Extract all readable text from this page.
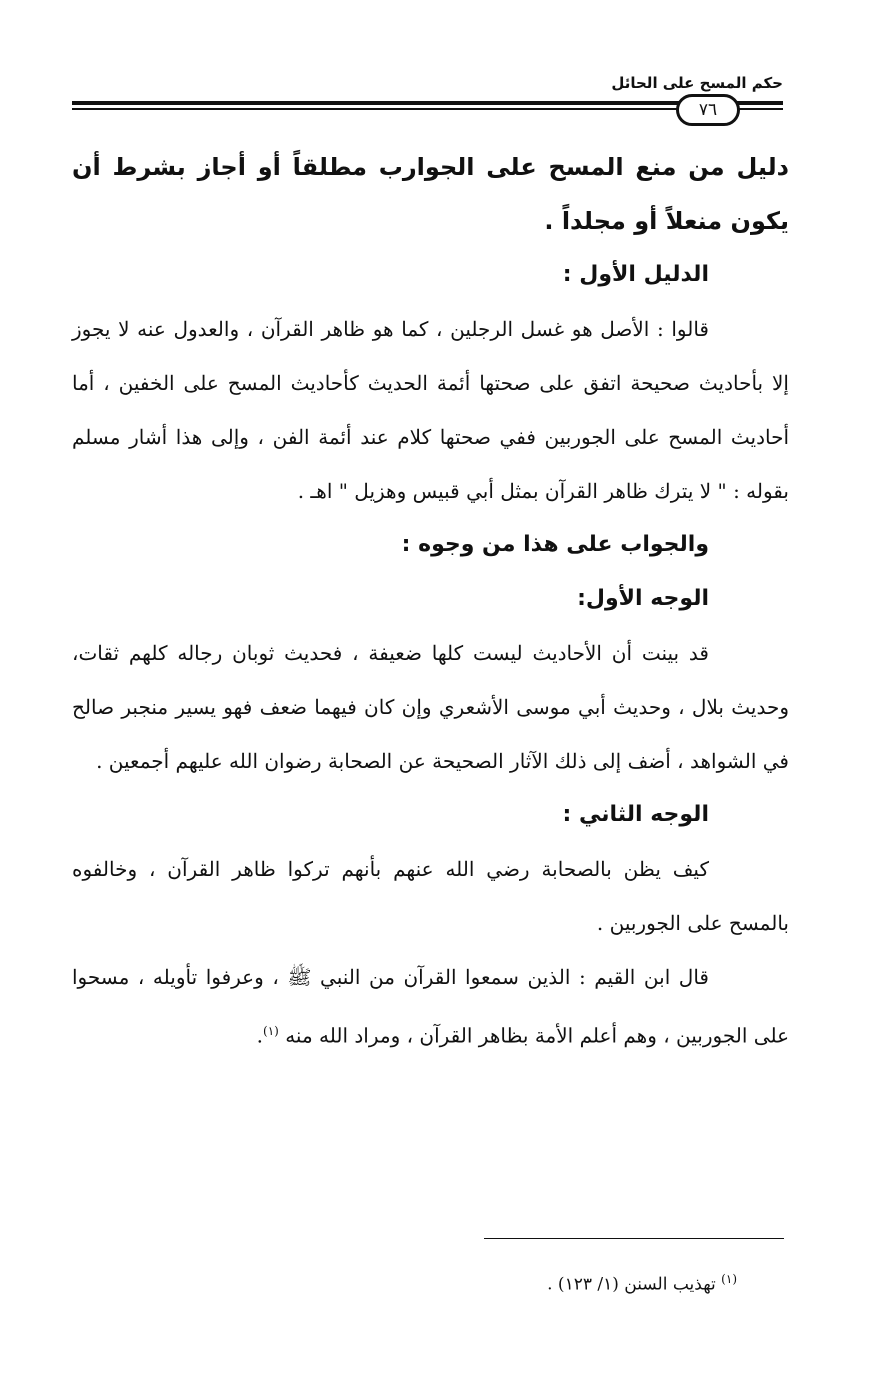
حكم المسح على الحائل
٧٦

دليل من منع المسح على الجوارب مطلقاً أو أجاز بشرط أن يكون منعلاً أو مجلداً .

الدليل الأول :

قالوا : الأصل هو غسل الرجلين ، كما هو ظاهر القرآن ، والعدول عنه لا يجوز إلا بأحاديث صحيحة اتفق على صحتها أئمة الحديث كأحاديث المسح على الخفين ، أما أحاديث المسح على الجوربين ففي صحتها كلام عند أئمة الفن ، وإلى هذا أشار مسلم بقوله : " لا يترك ظاهر القرآن بمثل أبي قبيس وهزيل " اهـ .

والجواب على هذا من وجوه :

الوجه الأول:

قد بينت أن الأحاديث ليست كلها ضعيفة ، فحديث ثوبان رجاله كلهم ثقات، وحديث بلال ، وحديث أبي موسى الأشعري وإن كان فيهما ضعف فهو يسير منجبر صالح في الشواهد ، أضف إلى ذلك الآثار الصحيحة عن الصحابة رضوان الله عليهم أجمعين .

الوجه الثاني :

كيف يظن بالصحابة رضي الله عنهم بأنهم تركوا ظاهر القرآن ، وخالفوه بالمسح على الجوربين .

قال ابن القيم : الذين سمعوا القرآن من النبي ﷺ ، وعرفوا تأويله ، مسحوا على الجوربين ، وهم أعلم الأمة بظاهر القرآن ، ومراد الله منه $^{(١)}$.

$^{(١)}$ تهذيب السنن (١/ ١٢٣) .
